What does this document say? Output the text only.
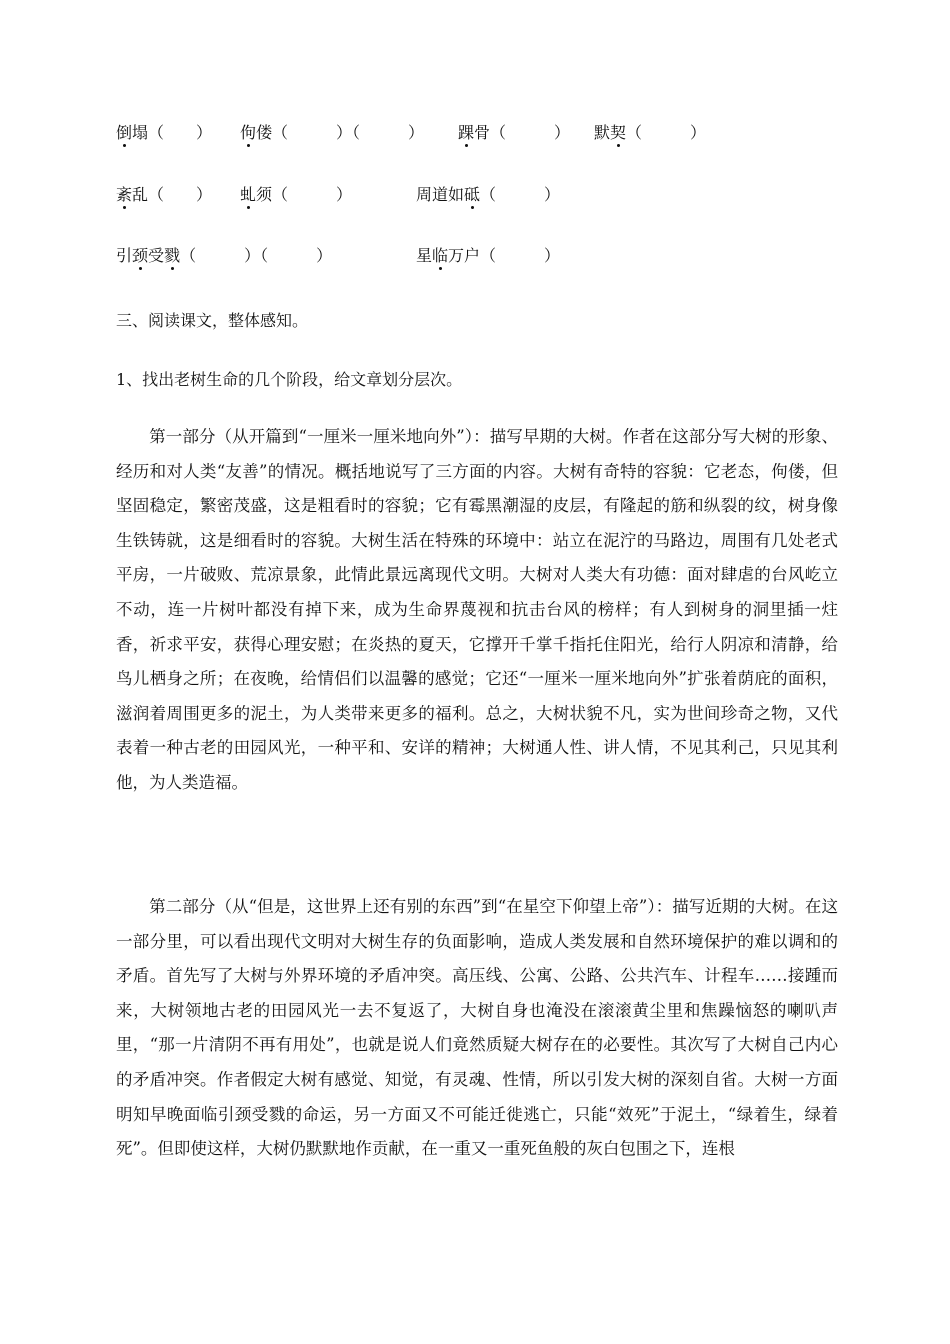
倒塌（　　） 佝偻（　　　）（　　　） 踝骨（　　　） 默契（　　　）
紊乱（　　） 虬须（　　　）	周道如砥（　　　）
引颈受戮（　　　）（　　　）	星临万户（　　　）
三、阅读课文，整体感知。
1、找出老树生命的几个阶段，给文章划分层次。

　　第一部分（从开篇到“一厘米一厘米地向外”）：描写早期的大树。作者在这部分写大树的形象、经历和对人类“友善”的情况。概括地说写了三方面的内容。大树有奇特的容貌：它老态，佝偻，但坚固稳定，繁密茂盛，这是粗看时的容貌；它有霉黑潮湿的皮层，有隆起的筋和纵裂的纹，树身像生铁铸就，这是细看时的容貌。大树生活在特殊的环境中：站立在泥泞的马路边，周围有几处老式平房，一片破败、荒凉景象，此情此景远离现代文明。大树对人类大有功德：面对肆虐的台风屹立不动，连一片树叶都没有掉下来，成为生命界蔑视和抗击台风的榜样；有人到树身的洞里插一炷香，祈求平安，获得心理安慰；在炎热的夏天，它撑开千掌千指托住阳光，给行人阴凉和清静，给鸟儿栖身之所；在夜晚，给情侣们以温馨的感觉；它还“一厘米一厘米地向外”扩张着荫庇的面积，滋润着周围更多的泥土，为人类带来更多的福利。总之，大树状貌不凡，实为世间珍奇之物，又代表着一种古老的田园风光，一种平和、安详的精神；大树通人性、讲人情，不见其利己，只见其利他，为人类造福。

　　第二部分（从“但是，这世界上还有别的东西”到“在星空下仰望上帝”）：描写近期的大树。在这一部分里，可以看出现代文明对大树生存的负面影响，造成人类发展和自然环境保护的难以调和的矛盾。首先写了大树与外界环境的矛盾冲突。高压线、公寓、公路、公共汽车、计程车……接踵而来，大树领地古老的田园风光一去不复返了，大树自身也淹没在滚滚黄尘里和焦躁恼怒的喇叭声里，“那一片清阴不再有用处”，也就是说人们竟然质疑大树存在的必要性。其次写了大树自己内心的矛盾冲突。作者假定大树有感觉、知觉，有灵魂、性情，所以引发大树的深刻自省。大树一方面明知早晚面临引颈受戮的命运，另一方面又不可能迁徙逃亡，只能“效死”于泥土，“绿着生，绿着死”。但即使这样，大树仍默默地作贡献，在一重又一重死鱼般的灰白包围之下，连根
